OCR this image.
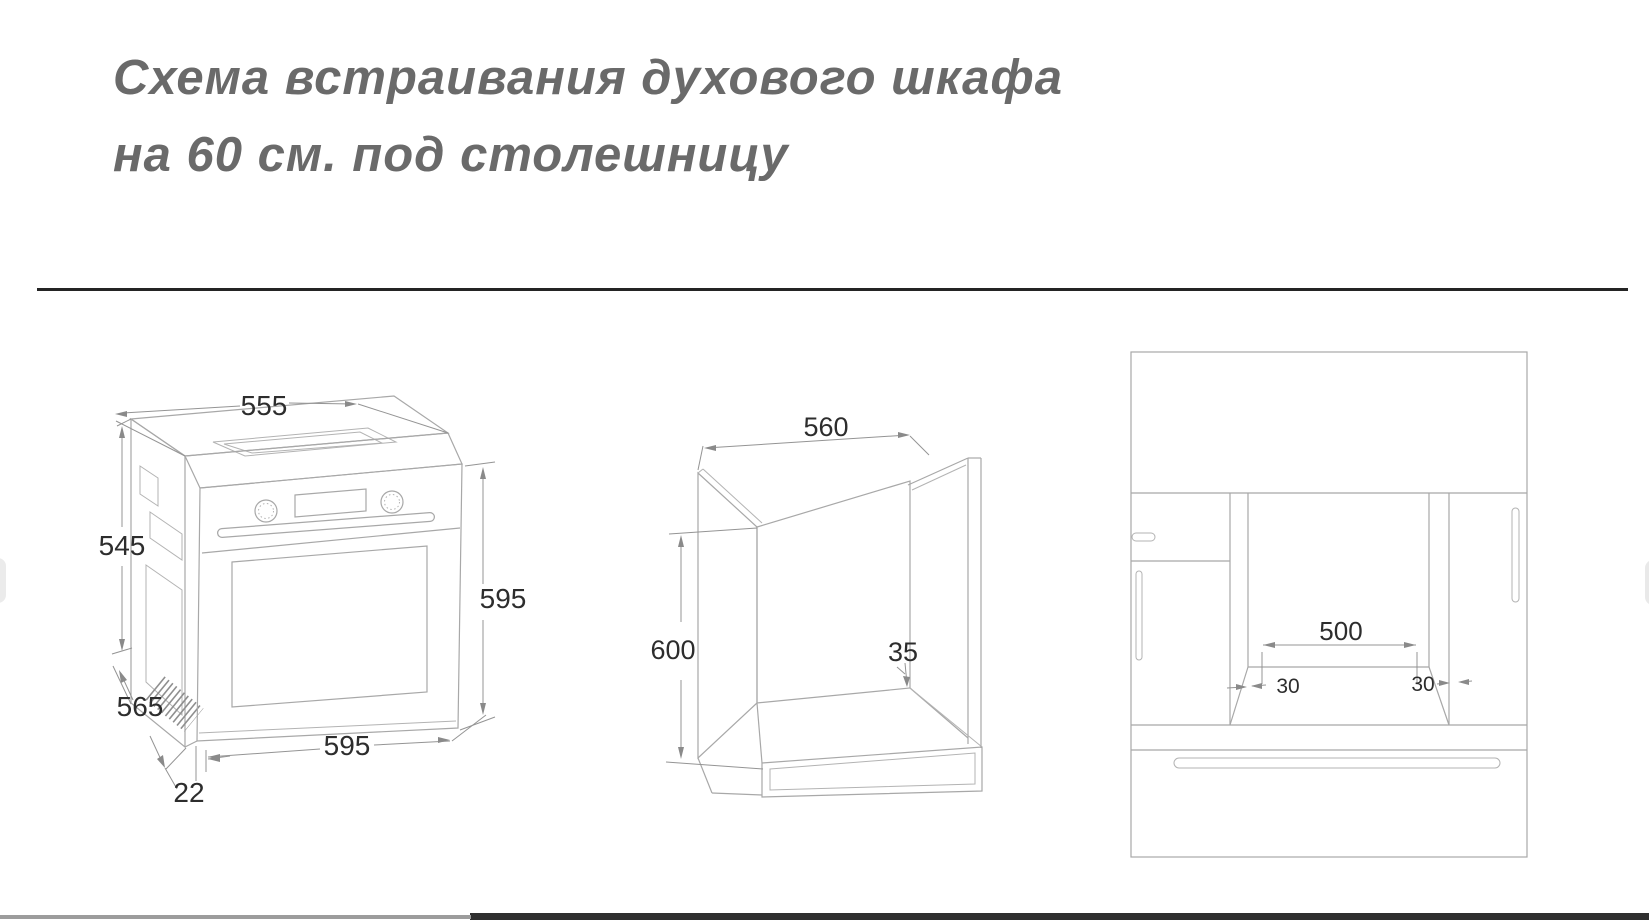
Схема встраивания духового шкафа
на 60 см. под столешницу
555
545
595
565
595
22
560
600	35
500
30	30
